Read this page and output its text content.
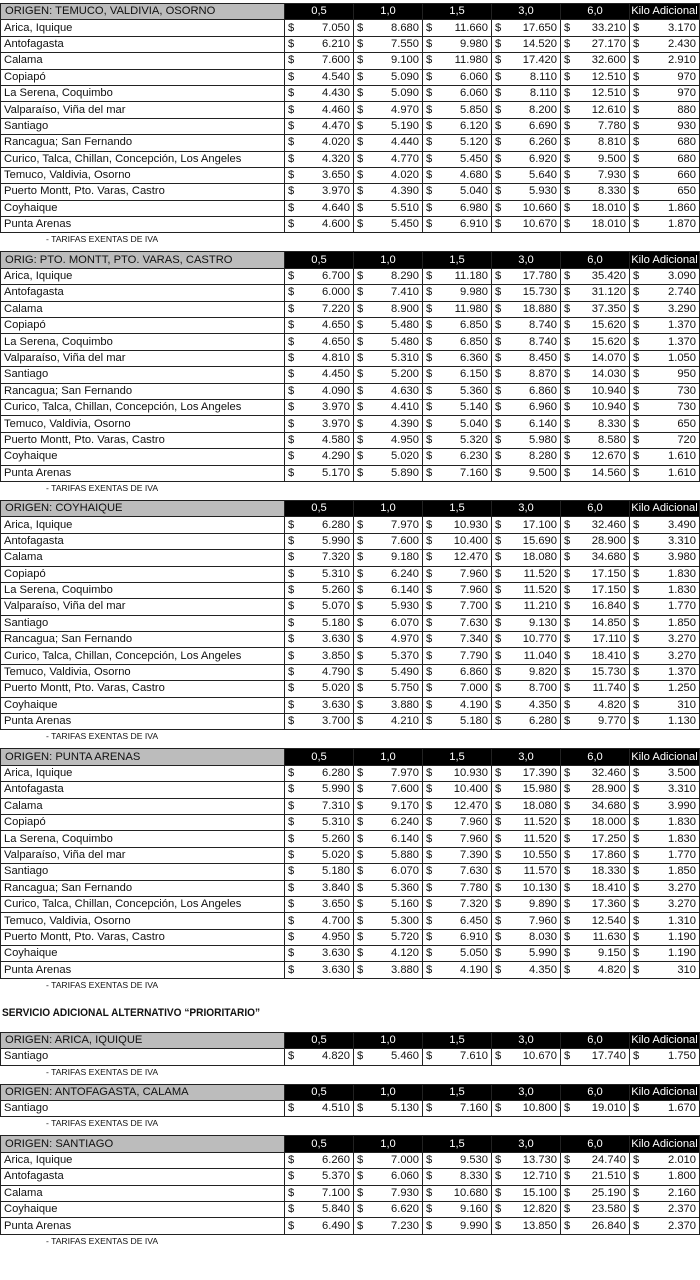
ORIGEN: TEMUCO, VALDIVIA, OSORNO	0,5	1,0	1,5	3,0	6,0	Kilo Adicional
Arica, Iquique	$ 7.050	$ 8.680	$ 11.660	$ 17.650	$ 33.210	$ 3.170
Antofagasta	$ 6.210	$ 7.550	$ 9.980	$ 14.520	$ 27.170	$ 2.430
Calama	$ 7.600	$ 9.100	$ 11.980	$ 17.420	$ 32.600	$ 2.910
Copiapó	$ 4.540	$ 5.090	$ 6.060	$ 8.110	$ 12.510	$ 970
La Serena, Coquimbo	$ 4.430	$ 5.090	$ 6.060	$ 8.110	$ 12.510	$ 970
Valparaíso, Viña del mar	$ 4.460	$ 4.970	$ 5.850	$ 8.200	$ 12.610	$ 880
Santiago	$ 4.470	$ 5.190	$ 6.120	$ 6.690	$ 7.780	$ 930
Rancagua; San Fernando	$ 4.020	$ 4.440	$ 5.120	$ 6.260	$ 8.810	$ 680
Curico, Talca, Chillan, Concepción, Los Angeles	$ 4.320	$ 4.770	$ 5.450	$ 6.920	$ 9.500	$ 680
Temuco, Valdivia, Osorno	$ 3.650	$ 4.020	$ 4.680	$ 5.640	$ 7.930	$ 660
Puerto Montt, Pto. Varas, Castro	$ 3.970	$ 4.390	$ 5.040	$ 5.930	$ 8.330	$ 650
Coyhaique	$ 4.640	$ 5.510	$ 6.980	$ 10.660	$ 18.010	$ 1.860
Punta Arenas	$ 4.600	$ 5.450	$ 6.910	$ 10.670	$ 18.010	$ 1.870
- TARIFAS EXENTAS DE IVA
ORIG: PTO. MONTT, PTO. VARAS, CASTRO	0,5	1,0	1,5	3,0	6,0	Kilo Adicional
Arica, Iquique	$ 6.700	$ 8.290	$ 11.180	$ 17.780	$ 35.420	$ 3.090
Antofagasta	$ 6.000	$ 7.410	$ 9.980	$ 15.730	$ 31.120	$ 2.740
Calama	$ 7.220	$ 8.900	$ 11.980	$ 18.880	$ 37.350	$ 3.290
Copiapó	$ 4.650	$ 5.480	$ 6.850	$ 8.740	$ 15.620	$ 1.370
La Serena, Coquimbo	$ 4.650	$ 5.480	$ 6.850	$ 8.740	$ 15.620	$ 1.370
Valparaíso, Viña del mar	$ 4.810	$ 5.310	$ 6.360	$ 8.450	$ 14.070	$ 1.050
Santiago	$ 4.450	$ 5.200	$ 6.150	$ 8.870	$ 14.030	$ 950
Rancagua; San Fernando	$ 4.090	$ 4.630	$ 5.360	$ 6.860	$ 10.940	$ 730
Curico, Talca, Chillan, Concepción, Los Angeles	$ 3.970	$ 4.410	$ 5.140	$ 6.960	$ 10.940	$ 730
Temuco, Valdivia, Osorno	$ 3.970	$ 4.390	$ 5.040	$ 6.140	$ 8.330	$ 650
Puerto Montt, Pto. Varas, Castro	$ 4.580	$ 4.950	$ 5.320	$ 5.980	$ 8.580	$ 720
Coyhaique	$ 4.290	$ 5.020	$ 6.230	$ 8.280	$ 12.670	$ 1.610
Punta Arenas	$ 5.170	$ 5.890	$ 7.160	$ 9.500	$ 14.560	$ 1.610
- TARIFAS EXENTAS DE IVA
ORIGEN: COYHAIQUE	0,5	1,0	1,5	3,0	6,0	Kilo Adicional
Arica, Iquique	$ 6.280	$ 7.970	$ 10.930	$ 17.100	$ 32.460	$ 3.490
Antofagasta	$ 5.990	$ 7.600	$ 10.400	$ 15.690	$ 28.900	$ 3.310
Calama	$ 7.320	$ 9.180	$ 12.470	$ 18.080	$ 34.680	$ 3.980
Copiapó	$ 5.310	$ 6.240	$ 7.960	$ 11.520	$ 17.150	$ 1.830
La Serena, Coquimbo	$ 5.260	$ 6.140	$ 7.960	$ 11.520	$ 17.150	$ 1.830
Valparaíso, Viña del mar	$ 5.070	$ 5.930	$ 7.700	$ 11.210	$ 16.840	$ 1.770
Santiago	$ 5.180	$ 6.070	$ 7.630	$ 9.130	$ 14.850	$ 1.850
Rancagua; San Fernando	$ 3.630	$ 4.970	$ 7.340	$ 10.770	$ 17.110	$ 3.270
Curico, Talca, Chillan, Concepción, Los Angeles	$ 3.850	$ 5.370	$ 7.790	$ 11.040	$ 18.410	$ 3.270
Temuco, Valdivia, Osorno	$ 4.790	$ 5.490	$ 6.860	$ 9.820	$ 15.730	$ 1.370
Puerto Montt, Pto. Varas, Castro	$ 5.020	$ 5.750	$ 7.000	$ 8.700	$ 11.740	$ 1.250
Coyhaique	$ 3.630	$ 3.880	$ 4.190	$ 4.350	$ 4.820	$ 310
Punta Arenas	$ 3.700	$ 4.210	$ 5.180	$ 6.280	$ 9.770	$ 1.130
- TARIFAS EXENTAS DE IVA
ORIGEN: PUNTA ARENAS	0,5	1,0	1,5	3,0	6,0	Kilo Adicional
Arica, Iquique	$ 6.280	$ 7.970	$ 10.930	$ 17.390	$ 32.460	$ 3.500
Antofagasta	$ 5.990	$ 7.600	$ 10.400	$ 15.980	$ 28.900	$ 3.310
Calama	$ 7.310	$ 9.170	$ 12.470	$ 18.080	$ 34.680	$ 3.990
Copiapó	$ 5.310	$ 6.240	$ 7.960	$ 11.520	$ 18.000	$ 1.830
La Serena, Coquimbo	$ 5.260	$ 6.140	$ 7.960	$ 11.520	$ 17.250	$ 1.830
Valparaíso, Viña del mar	$ 5.020	$ 5.880	$ 7.390	$ 10.550	$ 17.860	$ 1.770
Santiago	$ 5.180	$ 6.070	$ 7.630	$ 11.570	$ 18.330	$ 1.850
Rancagua; San Fernando	$ 3.840	$ 5.360	$ 7.780	$ 10.130	$ 18.410	$ 3.270
Curico, Talca, Chillan, Concepción, Los Angeles	$ 3.650	$ 5.160	$ 7.320	$ 9.890	$ 17.360	$ 3.270
Temuco, Valdivia, Osorno	$ 4.700	$ 5.300	$ 6.450	$ 7.960	$ 12.540	$ 1.310
Puerto Montt, Pto. Varas, Castro	$ 4.950	$ 5.720	$ 6.910	$ 8.030	$ 11.630	$ 1.190
Coyhaique	$ 3.630	$ 4.120	$ 5.050	$ 5.990	$ 9.150	$ 1.190
Punta Arenas	$ 3.630	$ 3.880	$ 4.190	$ 4.350	$ 4.820	$ 310
- TARIFAS EXENTAS DE IVA
SERVICIO ADICIONAL ALTERNATIVO “PRIORITARIO”
ORIGEN: ARICA, IQUIQUE	0,5	1,0	1,5	3,0	6,0	Kilo Adicional
Santiago	$ 4.820	$ 5.460	$ 7.610	$ 10.670	$ 17.740	$ 1.750
- TARIFAS EXENTAS DE IVA
ORIGEN: ANTOFAGASTA, CALAMA	0,5	1,0	1,5	3,0	6,0	Kilo Adicional
Santiago	$ 4.510	$ 5.130	$ 7.160	$ 10.800	$ 19.010	$ 1.670
- TARIFAS EXENTAS DE IVA
ORIGEN: SANTIAGO	0,5	1,0	1,5	3,0	6,0	Kilo Adicional
Arica, Iquique	$ 6.260	$ 7.000	$ 9.530	$ 13.730	$ 24.740	$ 2.010
Antofagasta	$ 5.370	$ 6.060	$ 8.330	$ 12.710	$ 21.510	$ 1.800
Calama	$ 7.100	$ 7.930	$ 10.680	$ 15.100	$ 25.190	$ 2.160
Coyhaique	$ 5.840	$ 6.620	$ 9.160	$ 12.820	$ 23.580	$ 2.370
Punta Arenas	$ 6.490	$ 7.230	$ 9.990	$ 13.850	$ 26.840	$ 2.370
- TARIFAS EXENTAS DE IVA
